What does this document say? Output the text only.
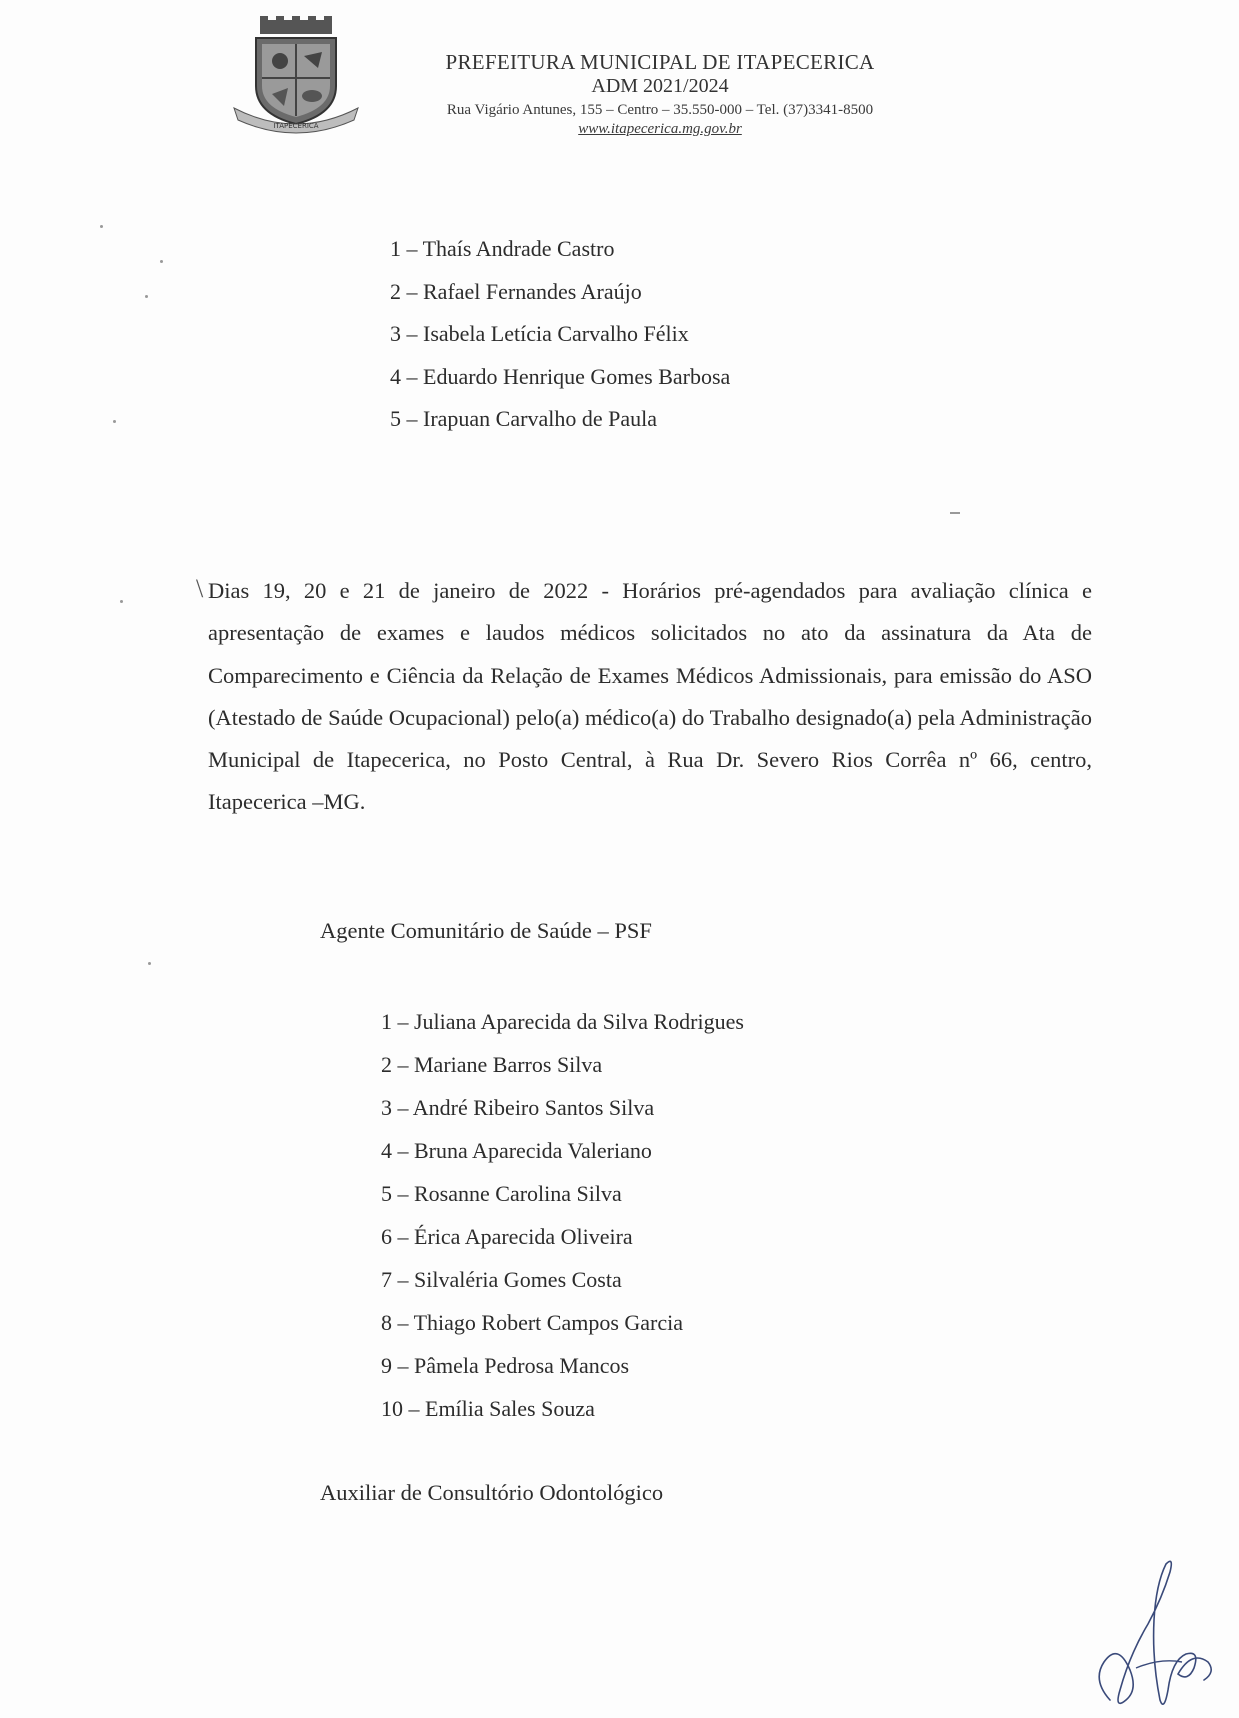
ITAPECERICA
PREFEITURA MUNICIPAL DE ITAPECERICA
ADM 2021/2024
Rua Vigário Antunes, 155 – Centro – 35.550-000 – Tel. (37)3341-8500
www.itapecerica.mg.gov.br
1 – Thaís Andrade Castro
2 – Rafael Fernandes Araújo
3 – Isabela Letícia Carvalho Félix
4 – Eduardo Henrique Gomes Barbosa
5 – Irapuan Carvalho de Paula
\ Dias 19, 20 e 21 de janeiro de 2022 - Horários pré-agendados para avaliação clínica e apresentação de exames e laudos médicos solicitados no ato da assinatura da Ata de Comparecimento e Ciência da Relação de Exames Médicos Admissionais, para emissão do ASO (Atestado de Saúde Ocupacional) pelo(a) médico(a) do Trabalho designado(a) pela Administração Municipal de Itapecerica, no Posto Central, à Rua Dr. Severo Rios Corrêa nº 66, centro, Itapecerica –MG.
Agente Comunitário de Saúde – PSF
1 – Juliana Aparecida da Silva Rodrigues
2 – Mariane Barros Silva
3 – André Ribeiro Santos Silva
4 – Bruna Aparecida Valeriano
5 – Rosanne Carolina Silva
6 – Érica Aparecida Oliveira
7 – Silvaléria Gomes Costa
8 – Thiago Robert Campos Garcia
9 – Pâmela Pedrosa Mancos
10 – Emília Sales Souza
Auxiliar de Consultório Odontológico
